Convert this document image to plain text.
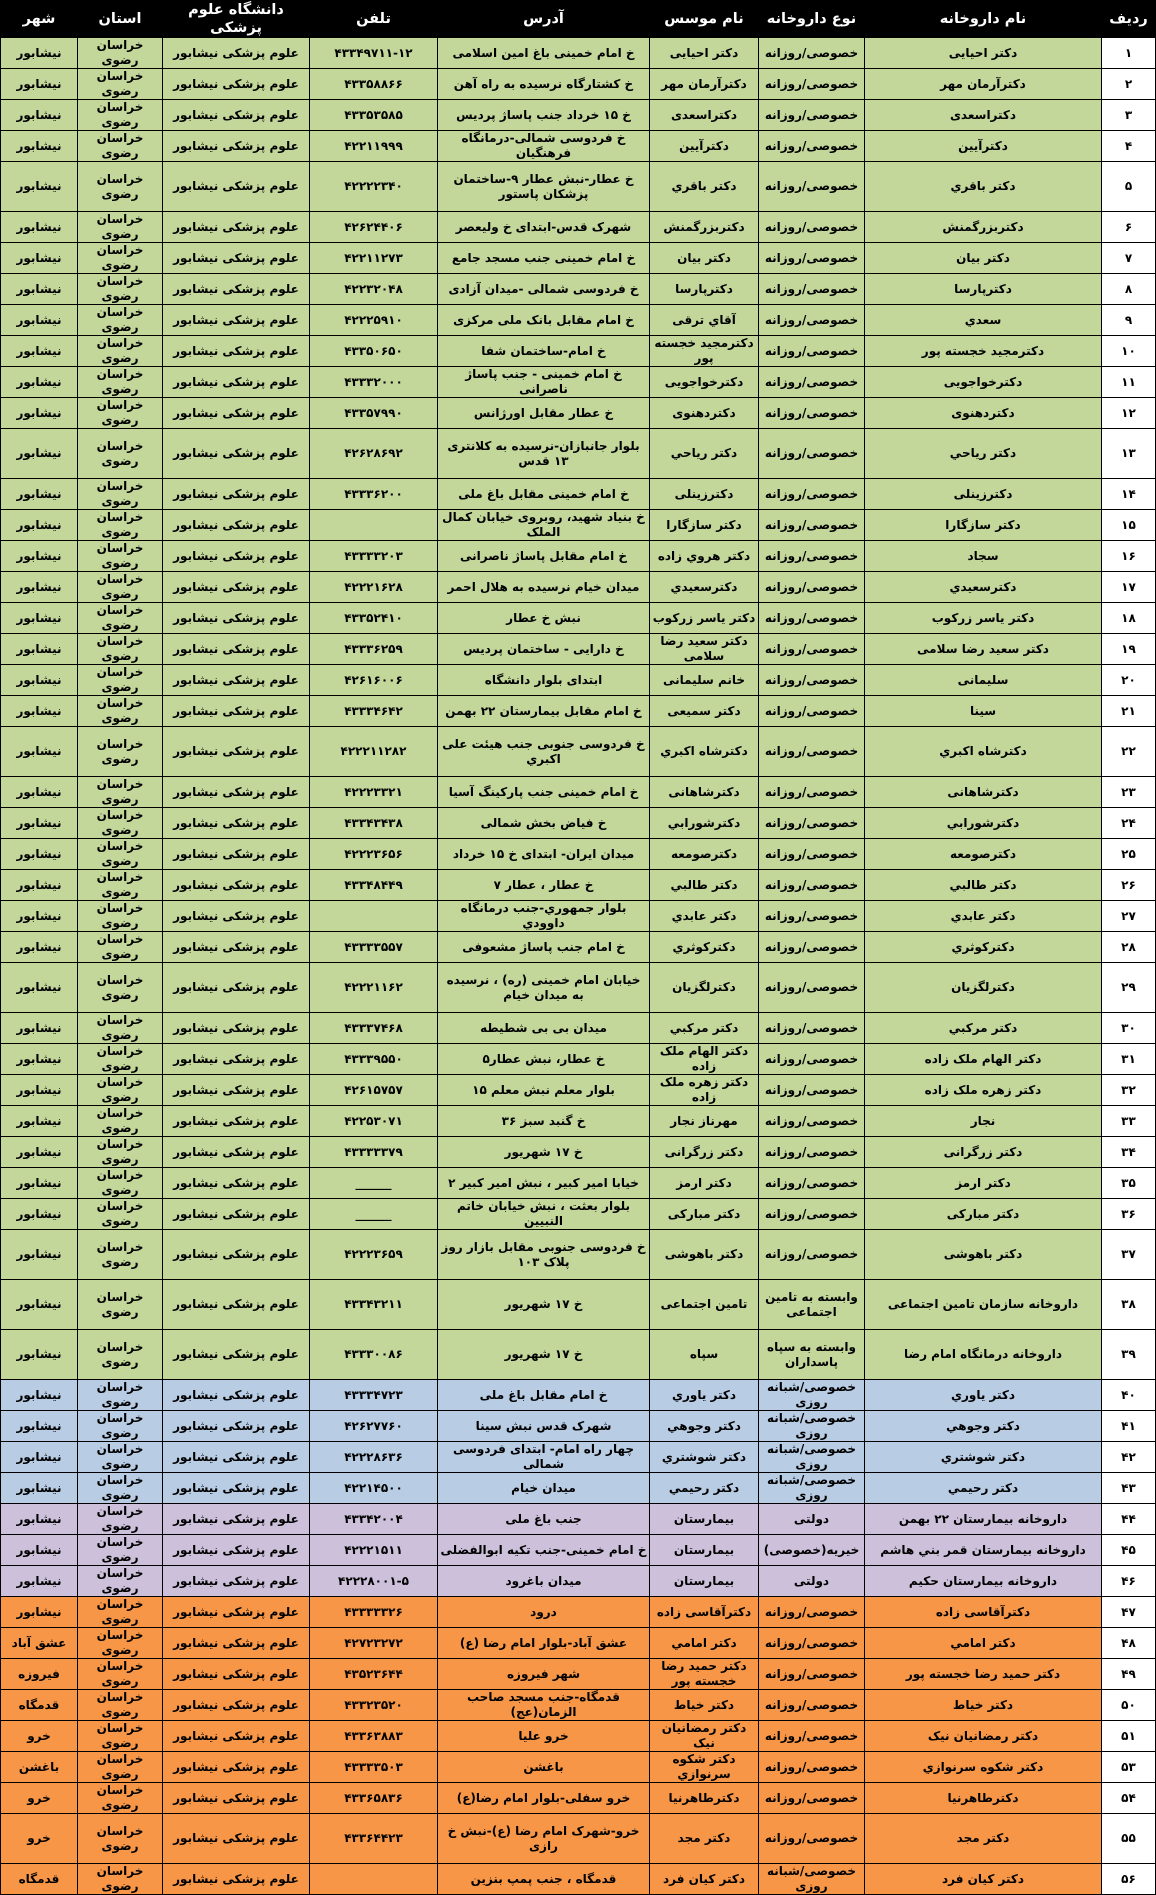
ردیف	نام داروخانه	نوع داروخانه	نام موسس	آدرس	تلفن	دانشگاه علوم پزشکی	استان	شهر
۱	دکتر احیایی	خصوصی/روزانه	دکتر احیایی	خ امام خمینی باغ امین اسلامی	۴۳۳۴۹۷۱۱-۱۲	علوم پزشکی نیشابور	خراسان رضوی	نیشابور
۲	دکترآرمان مهر	خصوصی/روزانه	دکترآرمان مهر	خ کشتارگاه نرسیده به راه آهن	۴۳۳۵۸۸۶۶	علوم پزشکی نیشابور	خراسان رضوی	نیشابور
۳	دکتراسعدی	خصوصی/روزانه	دکتراسعدی	خ ۱۵ خرداد جنب پاساژ پردیس	۴۳۳۵۳۵۸۵	علوم پزشکی نیشابور	خراسان رضوی	نیشابور
۴	دکترآیین	خصوصی/روزانه	دکترآیین	خ فردوسی شمالی-درمانگاه فرهنگیان	۴۲۲۱۱۹۹۹	علوم پزشکی نیشابور	خراسان رضوی	نیشابور
۵	دکتر باقري	خصوصی/روزانه	دکتر باقري	خ عطار-نبش عطار ۹-ساختمان پزشکان پاستور	۴۲۲۲۲۳۴۰	علوم پزشکی نیشابور	خراسان رضوی	نیشابور
۶	دکتربزرگمنش	خصوصی/روزانه	دکتربزرگمنش	شهرک قدس-ابتدای خ ولیعصر	۴۲۶۲۴۴۰۶	علوم پزشکی نیشابور	خراسان رضوی	نیشابور
۷	دکتر بیان	خصوصی/روزانه	دکتر بیان	خ امام خمینی جنب مسجد جامع	۴۲۲۱۱۲۷۳	علوم پزشکی نیشابور	خراسان رضوی	نیشابور
۸	دکترپارسا	خصوصی/روزانه	دکترپارسا	خ فردوسی شمالی -میدان آزادی	۴۲۲۳۲۰۴۸	علوم پزشکی نیشابور	خراسان رضوی	نیشابور
۹	سعدي	خصوصی/روزانه	آقاي ترقی	خ امام مقابل بانک ملی مرکزی	۴۲۲۲۵۹۱۰	علوم پزشکی نیشابور	خراسان رضوی	نیشابور
۱۰	دکترمجید خجسته پور	خصوصی/روزانه	دکترمجید خجسته پور	خ امام-ساختمان شفا	۴۳۳۵۰۶۵۰	علوم پزشکی نیشابور	خراسان رضوی	نیشابور
۱۱	دکترخواجویی	خصوصی/روزانه	دکترخواجویی	خ امام خمینی - جنب پاساژ ناصرانی	۴۳۳۳۲۰۰۰	علوم پزشکی نیشابور	خراسان رضوی	نیشابور
۱۲	دکتردهنوی	خصوصی/روزانه	دکتردهنوی	خ عطار مقابل اورژانس	۴۳۳۵۷۹۹۰	علوم پزشکی نیشابور	خراسان رضوی	نیشابور
۱۳	دکتر ریاحي	خصوصی/روزانه	دکتر ریاحي	بلوار جانبازان-نرسیده به کلانتری ۱۳ قدس	۴۲۶۲۸۶۹۲	علوم پزشکی نیشابور	خراسان رضوی	نیشابور
۱۴	دکترزینلی	خصوصی/روزانه	دکترزینلی	خ امام خمینی مقابل باغ ملی	۴۳۳۳۶۲۰۰	علوم پزشکی نیشابور	خراسان رضوی	نیشابور
۱۵	دکتر سازگارا	خصوصی/روزانه	دکتر سازگارا	خ بنیاد شهید، روبروی خیابان کمال الملک		علوم پزشکی نیشابور	خراسان رضوی	نیشابور
۱۶	سجاد	خصوصی/روزانه	دکتر هروي زاده	خ امام مقابل پاساژ ناصرانی	۴۳۳۳۳۲۰۳	علوم پزشکی نیشابور	خراسان رضوی	نیشابور
۱۷	دکترسعیدي	خصوصی/روزانه	دکترسعیدي	میدان خیام نرسیده به هلال احمر	۴۲۲۲۱۶۲۸	علوم پزشکی نیشابور	خراسان رضوی	نیشابور
۱۸	دکتر یاسر زرکوب	خصوصی/روزانه	دکتر یاسر زرکوب	نبش خ عطار	۴۳۳۵۲۴۱۰	علوم پزشکی نیشابور	خراسان رضوی	نیشابور
۱۹	دکتر سعید رضا سلامی	خصوصی/روزانه	دکتر سعید رضا سلامی	خ دارایی - ساختمان پردیس	۴۳۳۳۶۲۵۹	علوم پزشکی نیشابور	خراسان رضوی	نیشابور
۲۰	سلیمانی	خصوصی/روزانه	خانم سلیمانی	ابتدای بلوار دانشگاه	۴۲۶۱۶۰۰۶	علوم پزشکی نیشابور	خراسان رضوی	نیشابور
۲۱	سینا	خصوصی/روزانه	دکتر سمیعی	خ امام مقابل بیمارستان ۲۲ بهمن	۴۳۳۳۴۶۴۲	علوم پزشکی نیشابور	خراسان رضوی	نیشابور
۲۲	دکترشاه اکبري	خصوصی/روزانه	دکترشاه اکبري	خ فردوسی جنوبی جنب هیئت علی اکبري	۴۲۲۲۱۱۲۸۲	علوم پزشکی نیشابور	خراسان رضوی	نیشابور
۲۳	دکترشاهانی	خصوصی/روزانه	دکترشاهانی	خ امام خمینی جنب پارکینگ آسیا	۴۲۲۲۳۳۲۱	علوم پزشکی نیشابور	خراسان رضوی	نیشابور
۲۴	دکترشورابي	خصوصی/روزانه	دکترشورابي	خ فیاض بخش شمالی	۴۳۳۴۳۴۳۸	علوم پزشکی نیشابور	خراسان رضوی	نیشابور
۲۵	دکترصومعه	خصوصی/روزانه	دکترصومعه	میدان ایران- ابتدای خ ۱۵ خرداد	۴۲۲۲۳۶۵۶	علوم پزشکی نیشابور	خراسان رضوی	نیشابور
۲۶	دکتر طالبي	خصوصی/روزانه	دکتر طالبي	خ عطار ، عطار ۷	۴۳۳۴۸۴۴۹	علوم پزشکی نیشابور	خراسان رضوی	نیشابور
۲۷	دکتر عابدي	خصوصی/روزانه	دکتر عابدي	بلوار جمهوري-جنب درمانگاه داوودي		علوم پزشکی نیشابور	خراسان رضوی	نیشابور
۲۸	دکترکوثري	خصوصی/روزانه	دکترکوثري	خ امام جنب پاساژ مشعوفی	۴۳۳۳۳۵۵۷	علوم پزشکی نیشابور	خراسان رضوی	نیشابور
۲۹	دکترلگزیان	خصوصی/روزانه	دکترلگزیان	خیابان امام خمینی (ره) ، نرسیده به میدان خیام	۴۲۲۲۱۱۶۲	علوم پزشکی نیشابور	خراسان رضوی	نیشابور
۳۰	دکتر مرکبي	خصوصی/روزانه	دکتر مرکبي	میدان بی بی شطیطه	۴۳۳۳۷۴۶۸	علوم پزشکی نیشابور	خراسان رضوی	نیشابور
۳۱	دکتر الهام ملک زاده	خصوصی/روزانه	دکتر الهام ملک زاده	خ عطار، نبش عطار۵	۴۳۳۳۹۵۵۰	علوم پزشکی نیشابور	خراسان رضوی	نیشابور
۳۲	دکتر زهره ملک زاده	خصوصی/روزانه	دکتر زهره ملک زاده	بلوار معلم نبش معلم ۱۵	۴۲۶۱۵۷۵۷	علوم پزشکی نیشابور	خراسان رضوی	نیشابور
۳۳	نجار	خصوصی/روزانه	مهرناز نجار	خ گنبد سبز ۳۶	۴۲۲۵۳۰۷۱	علوم پزشکی نیشابور	خراسان رضوی	نیشابور
۳۴	دکتر زرگرانی	خصوصی/روزانه	دکتر زرگرانی	خ ۱۷ شهریور	۴۳۳۳۳۳۷۹	علوم پزشکی نیشابور	خراسان رضوی	نیشابور
۳۵	دکتر ارمز	خصوصی/روزانه	دکتر ارمز	خیابا امیر کبیر ، نبش امیر کبیر ۲	______	علوم پزشکی نیشابور	خراسان رضوی	نیشابور
۳۶	دکتر مبارکی	خصوصی/روزانه	دکتر مبارکی	بلوار بعثت ، نبش خیابان خاتم النبیین	______	علوم پزشکی نیشابور	خراسان رضوی	نیشابور
۳۷	دکتر باهوشی	خصوصی/روزانه	دکتر باهوشی	خ فردوسی جنوبی مقابل بازار روز پلاک ۱۰۳	۴۲۲۲۳۶۵۹	علوم پزشکی نیشابور	خراسان رضوی	نیشابور
۳۸	داروخانه سازمان تامین اجتماعی	وابسته به تامین اجتماعی	تامین اجتماعی	خ ۱۷ شهریور	۴۳۳۴۳۲۱۱	علوم پزشکی نیشابور	خراسان رضوی	نیشابور
۳۹	داروخانه درمانگاه امام رضا	وابسته به سپاه پاسداران	سپاه	خ ۱۷ شهریور	۴۳۳۳۰۰۸۶	علوم پزشکی نیشابور	خراسان رضوی	نیشابور
۴۰	دکتر یاوري	خصوصی/شبانه روزی	دکتر یاوري	خ امام مقابل باغ ملی	۴۳۳۳۴۷۲۳	علوم پزشکی نیشابور	خراسان رضوی	نیشابور
۴۱	دکتر وجوهي	خصوصی/شبانه روزی	دکتر وجوهي	شهرک قدس نبش سینا	۴۲۶۲۷۷۶۰	علوم پزشکی نیشابور	خراسان رضوی	نیشابور
۴۲	دکتر شوشتري	خصوصی/شبانه روزی	دکتر شوشتري	چهار راه امام- ابتدای فردوسی شمالی	۴۲۲۲۸۶۳۶	علوم پزشکی نیشابور	خراسان رضوی	نیشابور
۴۳	دکتر رحیمي	خصوصی/شبانه روزی	دکتر رحیمي	میدان خیام	۴۲۲۱۴۵۰۰	علوم پزشکی نیشابور	خراسان رضوی	نیشابور
۴۴	داروخانه بیمارستان ۲۲ بهمن	دولتی	بیمارستان	جنب باغ ملی	۴۳۳۴۲۰۰۴	علوم پزشکی نیشابور	خراسان رضوی	نیشابور
۴۵	داروخانه بیمارستان قمر بني هاشم	خیریه(خصوصی)	بیمارستان	خ امام خمینی-جنب تکیه ابوالفضلی	۴۲۲۲۱۵۱۱	علوم پزشکی نیشابور	خراسان رضوی	نیشابور
۴۶	داروخانه بیمارستان حکیم	دولتی	بیمارستان	میدان باغرود	۴۲۲۲۸۰۰۱-۵	علوم پزشکی نیشابور	خراسان رضوی	نیشابور
۴۷	دکترآقاسی زاده	خصوصی/روزانه	دکترآقاسی زاده	درود	۴۳۳۳۳۳۲۶	علوم پزشکی نیشابور	خراسان رضوی	نیشابور
۴۸	دکتر امامي	خصوصی/روزانه	دکتر امامي	عشق آباد-بلوار امام رضا (ع)	۴۲۷۲۳۲۷۲	علوم پزشکی نیشابور	خراسان رضوی	عشق آباد
۴۹	دکتر حمید رضا خجسته پور	خصوصی/روزانه	دکتر حمید رضا خجسته پور	شهر فیروزه	۴۳۵۲۳۶۴۴	علوم پزشکی نیشابور	خراسان رضوی	فیروزه
۵۰	دکتر خیاط	خصوصی/روزانه	دکتر خیاط	قدمگاه-جنب مسجد صاحب الزمان(عج)	۴۳۳۲۳۵۲۰	علوم پزشکی نیشابور	خراسان رضوی	قدمگاه
۵۱	دکتر رمضانیان نیک	خصوصی/روزانه	دکتر رمضانیان نیک	خرو علیا	۴۳۳۶۳۸۸۳	علوم پزشکی نیشابور	خراسان رضوی	خرو
۵۳	دکتر شکوه سرنوازي	خصوصی/روزانه	دکتر شکوه سرنوازي	باغشن	۴۳۳۳۳۵۰۳	علوم پزشکی نیشابور	خراسان رضوی	باغشن
۵۴	دکترطاهرنیا	خصوصی/روزانه	دکترطاهرنیا	خرو سفلی-بلوار امام رضا(ع)	۴۳۳۶۵۸۳۶	علوم پزشکی نیشابور	خراسان رضوی	خرو
۵۵	دکتر مجد	خصوصی/روزانه	دکتر مجد	خرو-شهرک امام رضا (ع)-نبش خ رازی	۴۳۳۶۴۴۲۳	علوم پزشکی نیشابور	خراسان رضوی	خرو
۵۶	دکتر کیان فرد	خصوصی/شبانه روزی	دکتر کیان فرد	قدمگاه ، جنب پمپ بنزین		علوم پزشکی نیشابور	خراسان رضوی	قدمگاه
